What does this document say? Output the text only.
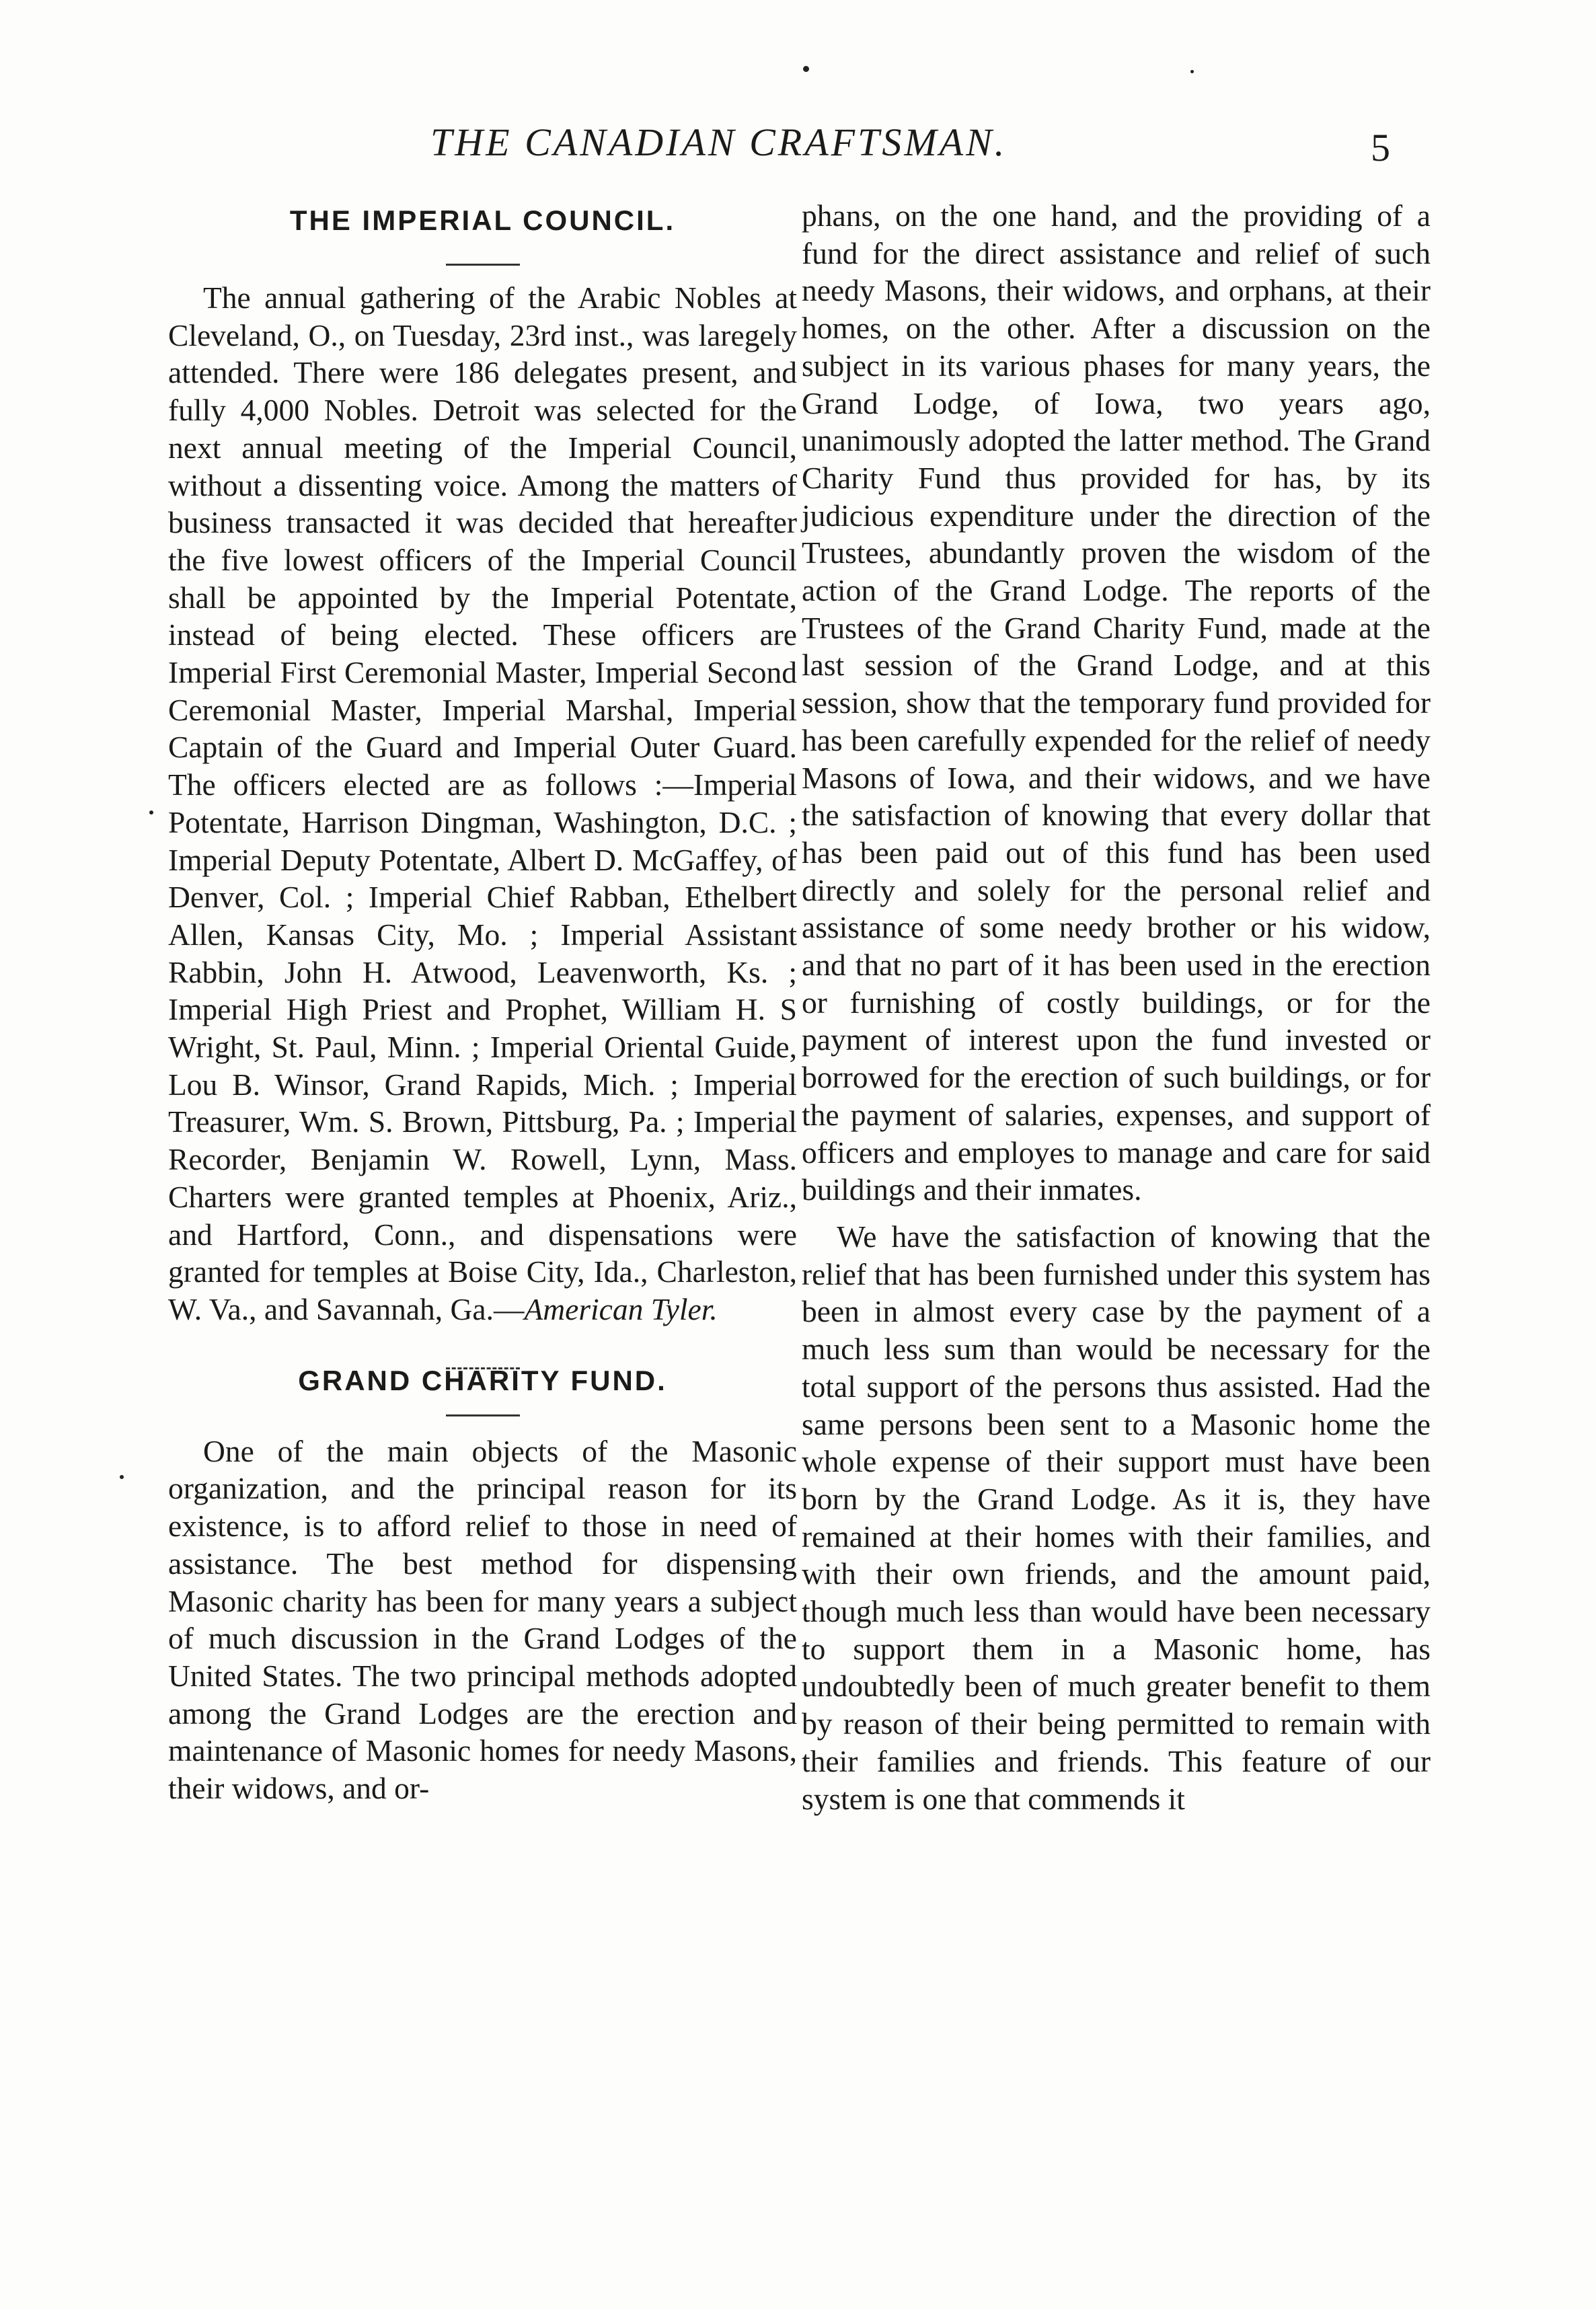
THE CANADIAN CRAFTSMAN.	5
THE IMPERIAL COUNCIL.

The annual gathering of the Arabic Nobles at Cleveland, O., on Tuesday, 23rd inst., was laregely attended. There were 186 delegates present, and fully 4,000 Nobles. Detroit was selected for the next annual meeting of the Imperial Council, without a dissenting voice. Among the matters of business transacted it was decided that hereafter the five lowest officers of the Imperial Council shall be appointed by the Imperial Potentate, instead of being elected. These officers are Imperial First Ceremonial Master, Imperial Second Ceremonial Master, Imperial Marshal, Imperial Captain of the Guard and Imperial Outer Guard. The officers elected are as follows :—Imperial Potentate, Harrison Dingman, Washington, D.C. ; Imperial Deputy Potentate, Albert D. McGaffey, of Denver, Col. ; Imperial Chief Rabban, Ethelbert Allen, Kansas City, Mo. ; Imperial Assistant Rabbin, John H. Atwood, Leavenworth, Ks. ; Imperial High Priest and Prophet, William H. S Wright, St. Paul, Minn. ; Imperial Oriental Guide, Lou B. Winsor, Grand Rapids, Mich. ; Imperial Treasurer, Wm. S. Brown, Pittsburg, Pa. ; Imperial Recorder, Benjamin W. Rowell, Lynn, Mass. Charters were granted temples at Phoenix, Ariz., and Hartford, Conn., and dispensations were granted for temples at Boise City, Ida., Charleston, W. Va., and Savannah, Ga.—American Tyler.

GRAND CHARITY FUND.

One of the main objects of the Masonic organization, and the principal reason for its existence, is to afford relief to those in need of assistance. The best method for dispensing Masonic charity has been for many years a subject of much discussion in the Grand Lodges of the United States. The two principal methods adopted among the Grand Lodges are the erection and maintenance of Masonic homes for needy Masons, their widows, and or-

phans, on the one hand, and the providing of a fund for the direct assistance and relief of such needy Masons, their widows, and orphans, at their homes, on the other. After a discussion on the subject in its various phases for many years, the Grand Lodge, of Iowa, two years ago, unanimously adopted the latter method. The Grand Charity Fund thus provided for has, by its judicious expenditure under the direction of the Trustees, abundantly proven the wisdom of the action of the Grand Lodge. The reports of the Trustees of the Grand Charity Fund, made at the last session of the Grand Lodge, and at this session, show that the temporary fund provided for has been carefully expended for the relief of needy Masons of Iowa, and their widows, and we have the satisfaction of knowing that every dollar that has been paid out of this fund has been used directly and solely for the personal relief and assistance of some needy brother or his widow, and that no part of it has been used in the erection or furnishing of costly buildings, or for the payment of interest upon the fund invested or borrowed for the erection of such buildings, or for the payment of salaries, expenses, and support of officers and employes to manage and care for said buildings and their inmates.

We have the satisfaction of knowing that the relief that has been furnished under this system has been in almost every case by the payment of a much less sum than would be necessary for the total support of the persons thus assisted. Had the same persons been sent to a Masonic home the whole expense of their support must have been born by the Grand Lodge. As it is, they have remained at their homes with their families, and with their own friends, and the amount paid, though much less than would have been necessary to support them in a Masonic home, has undoubtedly been of much greater benefit to them by reason of their being permitted to remain with their families and friends. This feature of our system is one that commends it
